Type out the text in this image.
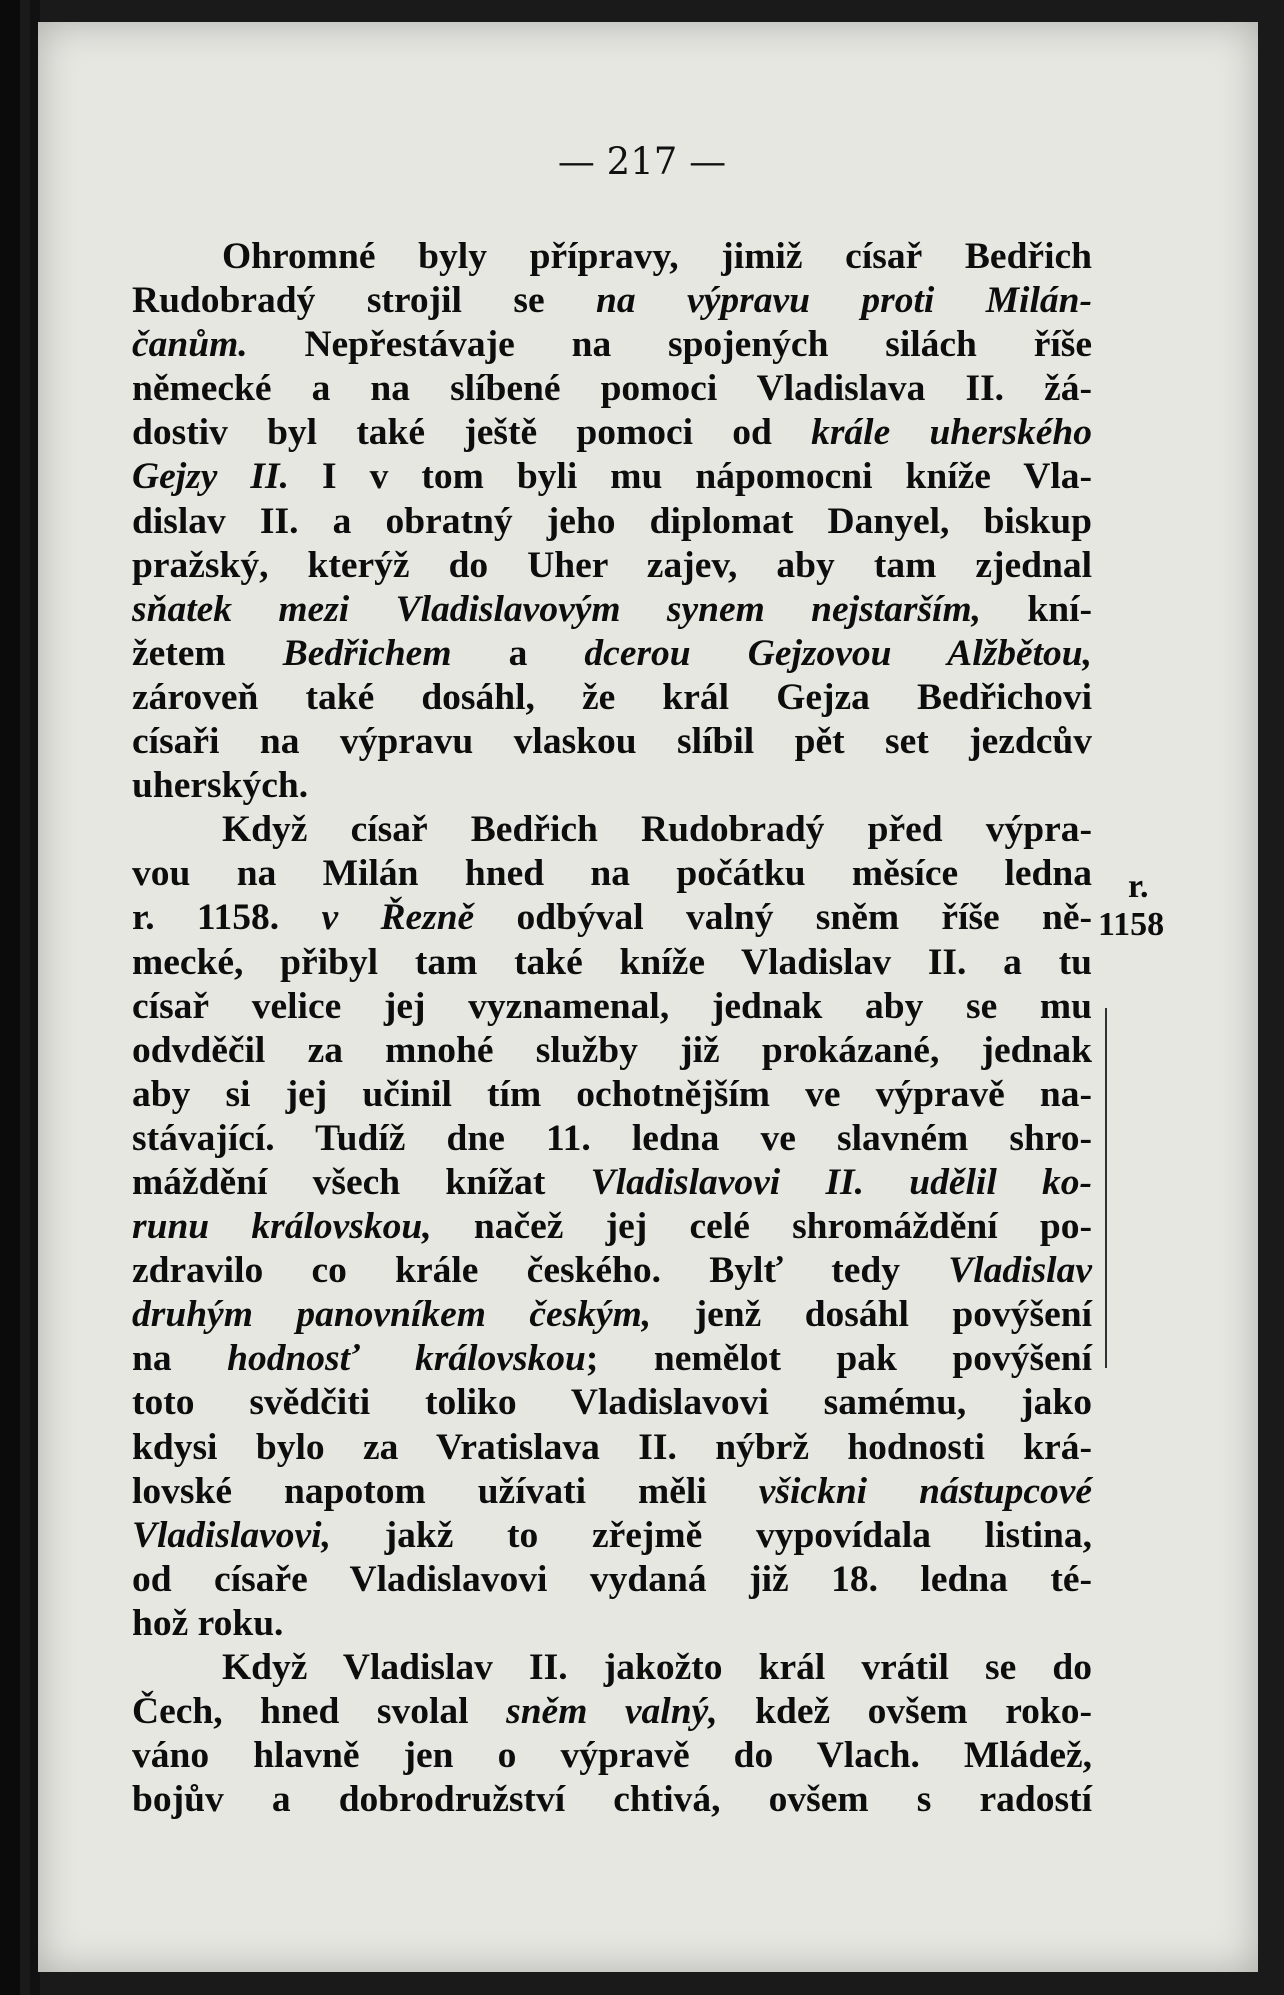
— 217 —
Ohromné byly přípravy, jimiž císař Bedřich
Rudobradý strojil se na výpravu proti Milán-
čanům. Nepřestávaje na spojených silách říše
německé a na slíbené pomoci Vladislava II. žá-
dostiv byl také ještě pomoci od krále uherského
Gejzy II. I v tom byli mu nápomocni kníže Vla-
dislav II. a obratný jeho diplomat Danyel, biskup
pražský, kterýž do Uher zajev, aby tam zjednal
sňatek mezi Vladislavovým synem nejstarším, kní-
žetem Bedřichem a dcerou Gejzovou Alžbětou,
zároveň také dosáhl, že král Gejza Bedřichovi
císaři na výpravu vlaskou slíbil pět set jezdcův
uherských.
Když císař Bedřich Rudobradý před výpra-
vou na Milán hned na počátku měsíce ledna
r. 1158. v Řezně odbýval valný sněm říše ně-
mecké, přibyl tam také kníže Vladislav II. a tu
císař velice jej vyznamenal, jednak aby se mu
odvděčil za mnohé služby již prokázané, jednak
aby si jej učinil tím ochotnějším ve výpravě na-
stávající. Tudíž dne 11. ledna ve slavném shro-
máždění všech knížat Vladislavovi II. udělil ko-
runu královskou, načež jej celé shromáždění po-
zdravilo co krále českého. Bylť tedy Vladislav
druhým panovníkem českým, jenž dosáhl povýšení
na hodnosť královskou; nemělot pak povýšení
toto svědčiti toliko Vladislavovi samému, jako
kdysi bylo za Vratislava II. nýbrž hodnosti krá-
lovské napotom užívati měli všickni nástupcové
Vladislavovi, jakž to zřejmě vypovídala listina,
od císaře Vladislavovi vydaná již 18. ledna té-
hož roku.
Když Vladislav II. jakožto král vrátil se do
Čech, hned svolal sněm valný, kdež ovšem roko-
váno hlavně jen o výpravě do Vlach. Mládež,
bojův a dobrodružství chtivá, ovšem s radostí
r.
1158
